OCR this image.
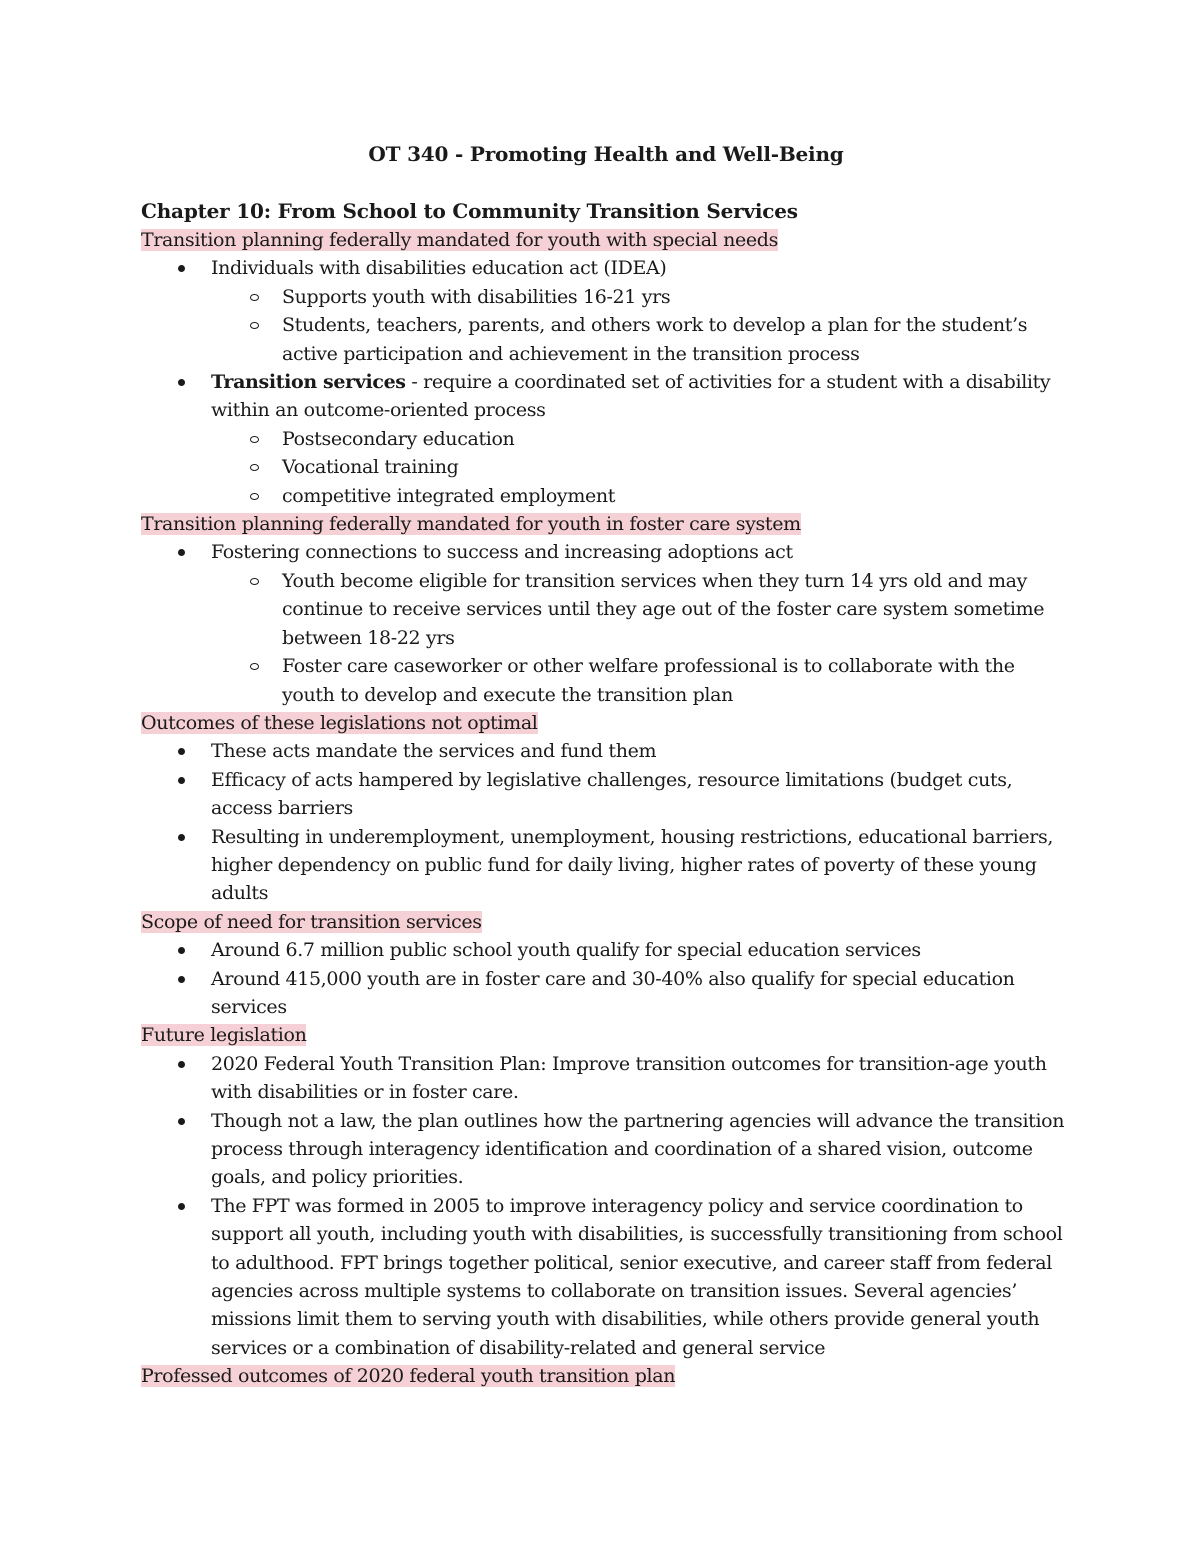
OT 340 - Promoting Health and Well-Being

Chapter 10: From School to Community Transition Services

Transition planning federally mandated for youth with special needs

Individuals with disabilities education act (IDEA)
Supports youth with disabilities 16-21 yrs
Students, teachers, parents, and others work to develop a plan for the student’s active participation and achievement in the transition process
Transition services - require a coordinated set of activities for a student with a disability within an outcome-oriented process
Postsecondary education
Vocational training
competitive integrated employment

Transition planning federally mandated for youth in foster care system

Fostering connections to success and increasing adoptions act
Youth become eligible for transition services when they turn 14 yrs old and may continue to receive services until they age out of the foster care system sometime between 18-22 yrs
Foster care caseworker or other welfare professional is to collaborate with the youth to develop and execute the transition plan

Outcomes of these legislations not optimal

These acts mandate the services and fund them
Efficacy of acts hampered by legislative challenges, resource limitations (budget cuts, access barriers
Resulting in underemployment, unemployment, housing restrictions, educational barriers, higher dependency on public fund for daily living, higher rates of poverty of these young adults

Scope of need for transition services

Around 6.7 million public school youth qualify for special education services
Around 415,000 youth are in foster care and 30-40% also qualify for special education services

Future legislation

2020 Federal Youth Transition Plan: Improve transition outcomes for transition-age youth with disabilities or in foster care.
Though not a law, the plan outlines how the partnering agencies will advance the transition process through interagency identification and coordination of a shared vision, outcome goals, and policy priorities.
The FPT was formed in 2005 to improve interagency policy and service coordination to support all youth, including youth with disabilities, is successfully transitioning from school to adulthood. FPT brings together political, senior executive, and career staff from federal agencies across multiple systems to collaborate on transition issues. Several agencies’ missions limit them to serving youth with disabilities, while others provide general youth services or a combination of disability-related and general service

Professed outcomes of 2020 federal youth transition plan
